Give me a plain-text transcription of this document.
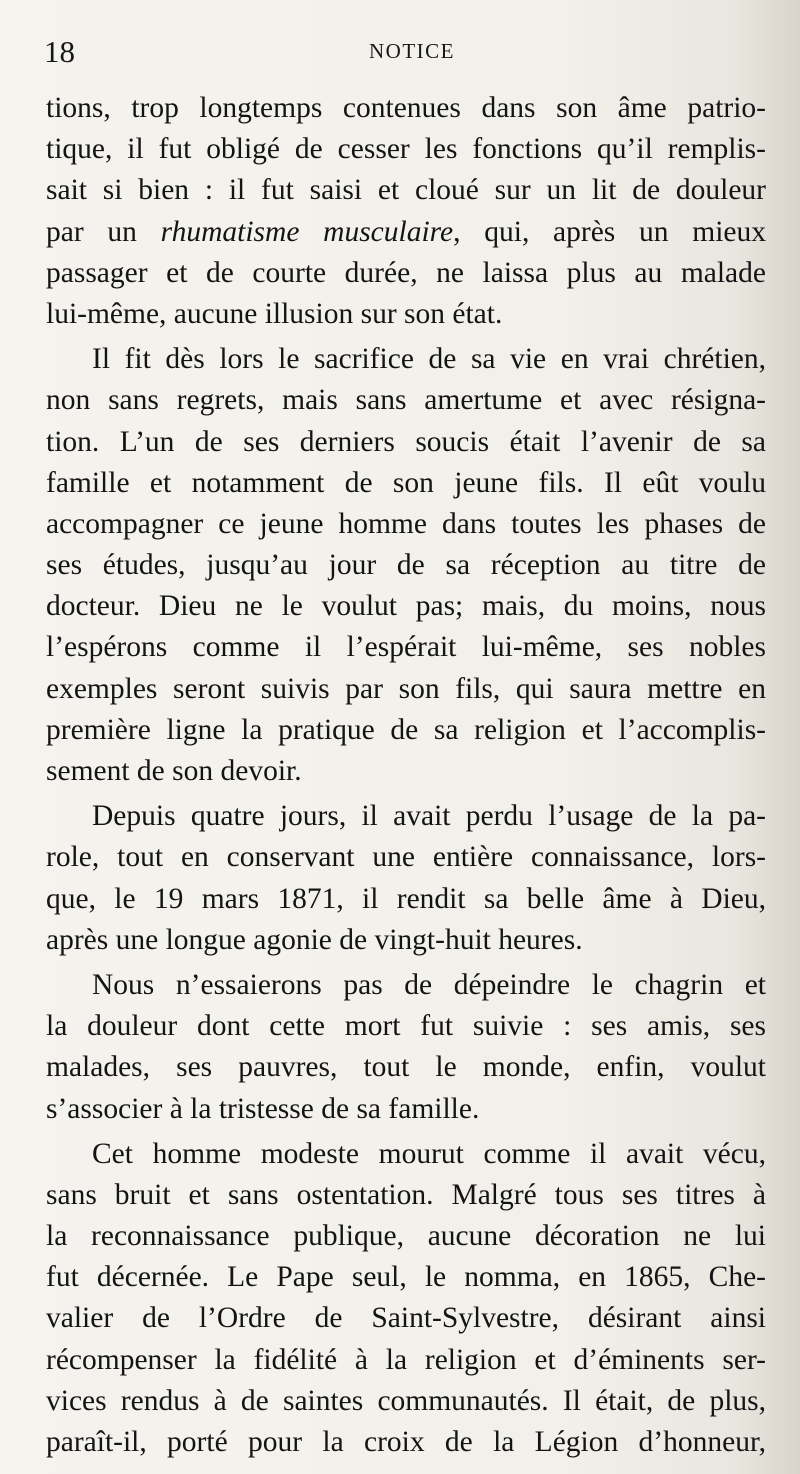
18	NOTICE
tions, trop longtemps contenues dans son âme patrio-
tique, il fut obligé de cesser les fonctions qu’il remplis-
sait si bien : il fut saisi et cloué sur un lit de douleur
par un rhumatisme musculaire, qui, après un mieux
passager et de courte durée, ne laissa plus au malade
lui-même, aucune illusion sur son état.
Il fit dès lors le sacrifice de sa vie en vrai chrétien,
non sans regrets, mais sans amertume et avec résigna-
tion. L’un de ses derniers soucis était l’avenir de sa
famille et notamment de son jeune fils. Il eût voulu
accompagner ce jeune homme dans toutes les phases de
ses études, jusqu’au jour de sa réception au titre de
docteur. Dieu ne le voulut pas; mais, du moins, nous
l’espérons comme il l’espérait lui-même, ses nobles
exemples seront suivis par son fils, qui saura mettre en
première ligne la pratique de sa religion et l’accomplis-
sement de son devoir.
Depuis quatre jours, il avait perdu l’usage de la pa-
role, tout en conservant une entière connaissance, lors-
que, le 19 mars 1871, il rendit sa belle âme à Dieu,
après une longue agonie de vingt-huit heures.
Nous n’essaierons pas de dépeindre le chagrin et
la douleur dont cette mort fut suivie : ses amis, ses
malades, ses pauvres, tout le monde, enfin, voulut
s’associer à la tristesse de sa famille.
Cet homme modeste mourut comme il avait vécu,
sans bruit et sans ostentation. Malgré tous ses titres à
la reconnaissance publique, aucune décoration ne lui
fut décernée. Le Pape seul, le nomma, en 1865, Che-
valier de l’Ordre de Saint-Sylvestre, désirant ainsi
récompenser la fidélité à la religion et d’éminents ser-
vices rendus à de saintes communautés. Il était, de plus,
paraît-il, porté pour la croix de la Légion d’honneur,
